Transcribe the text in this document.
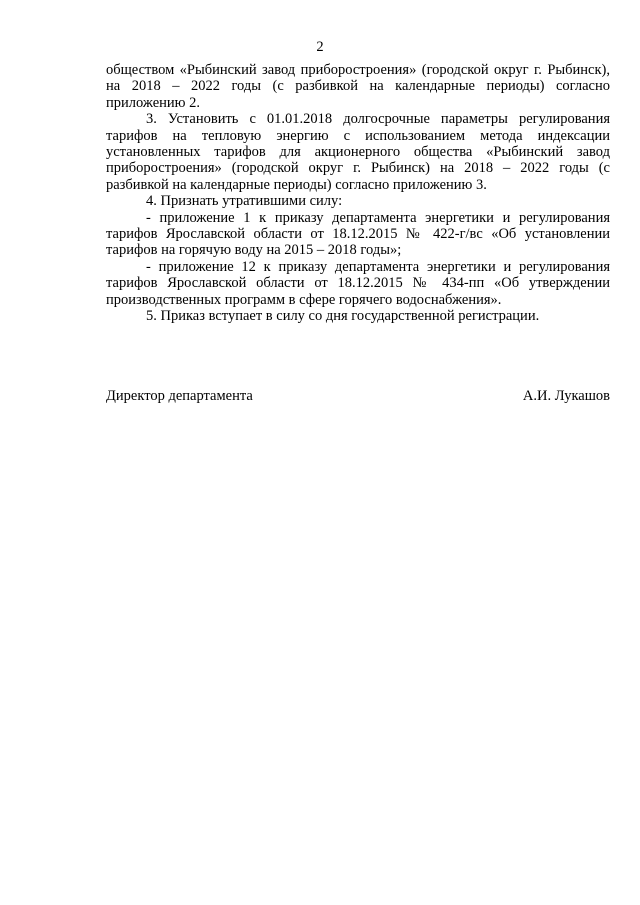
2

обществом «Рыбинский завод приборостроения» (городской округ г. Рыбинск), на 2018 – 2022 годы (с разбивкой на календарные периоды) согласно приложению 2.

3. Установить с 01.01.2018 долгосрочные параметры регулирования тарифов на тепловую энергию с использованием метода индексации установленных тарифов для акционерного общества «Рыбинский завод приборостроения» (городской округ г. Рыбинск) на 2018 – 2022 годы (с разбивкой на календарные периоды) согласно приложению 3.

4. Признать утратившими силу:

- приложение 1 к приказу департамента энергетики и регулирования тарифов Ярославской области от 18.12.2015 № 422-г/вс «Об установлении тарифов на горячую воду на 2015 – 2018 годы»;

- приложение 12 к приказу департамента энергетики и регулирования тарифов Ярославской области от 18.12.2015 № 434-пп «Об утверждении производственных программ в сфере горячего водоснабжения».

5. Приказ вступает в силу со дня государственной регистрации.

Директор департамента	А.И. Лукашов
